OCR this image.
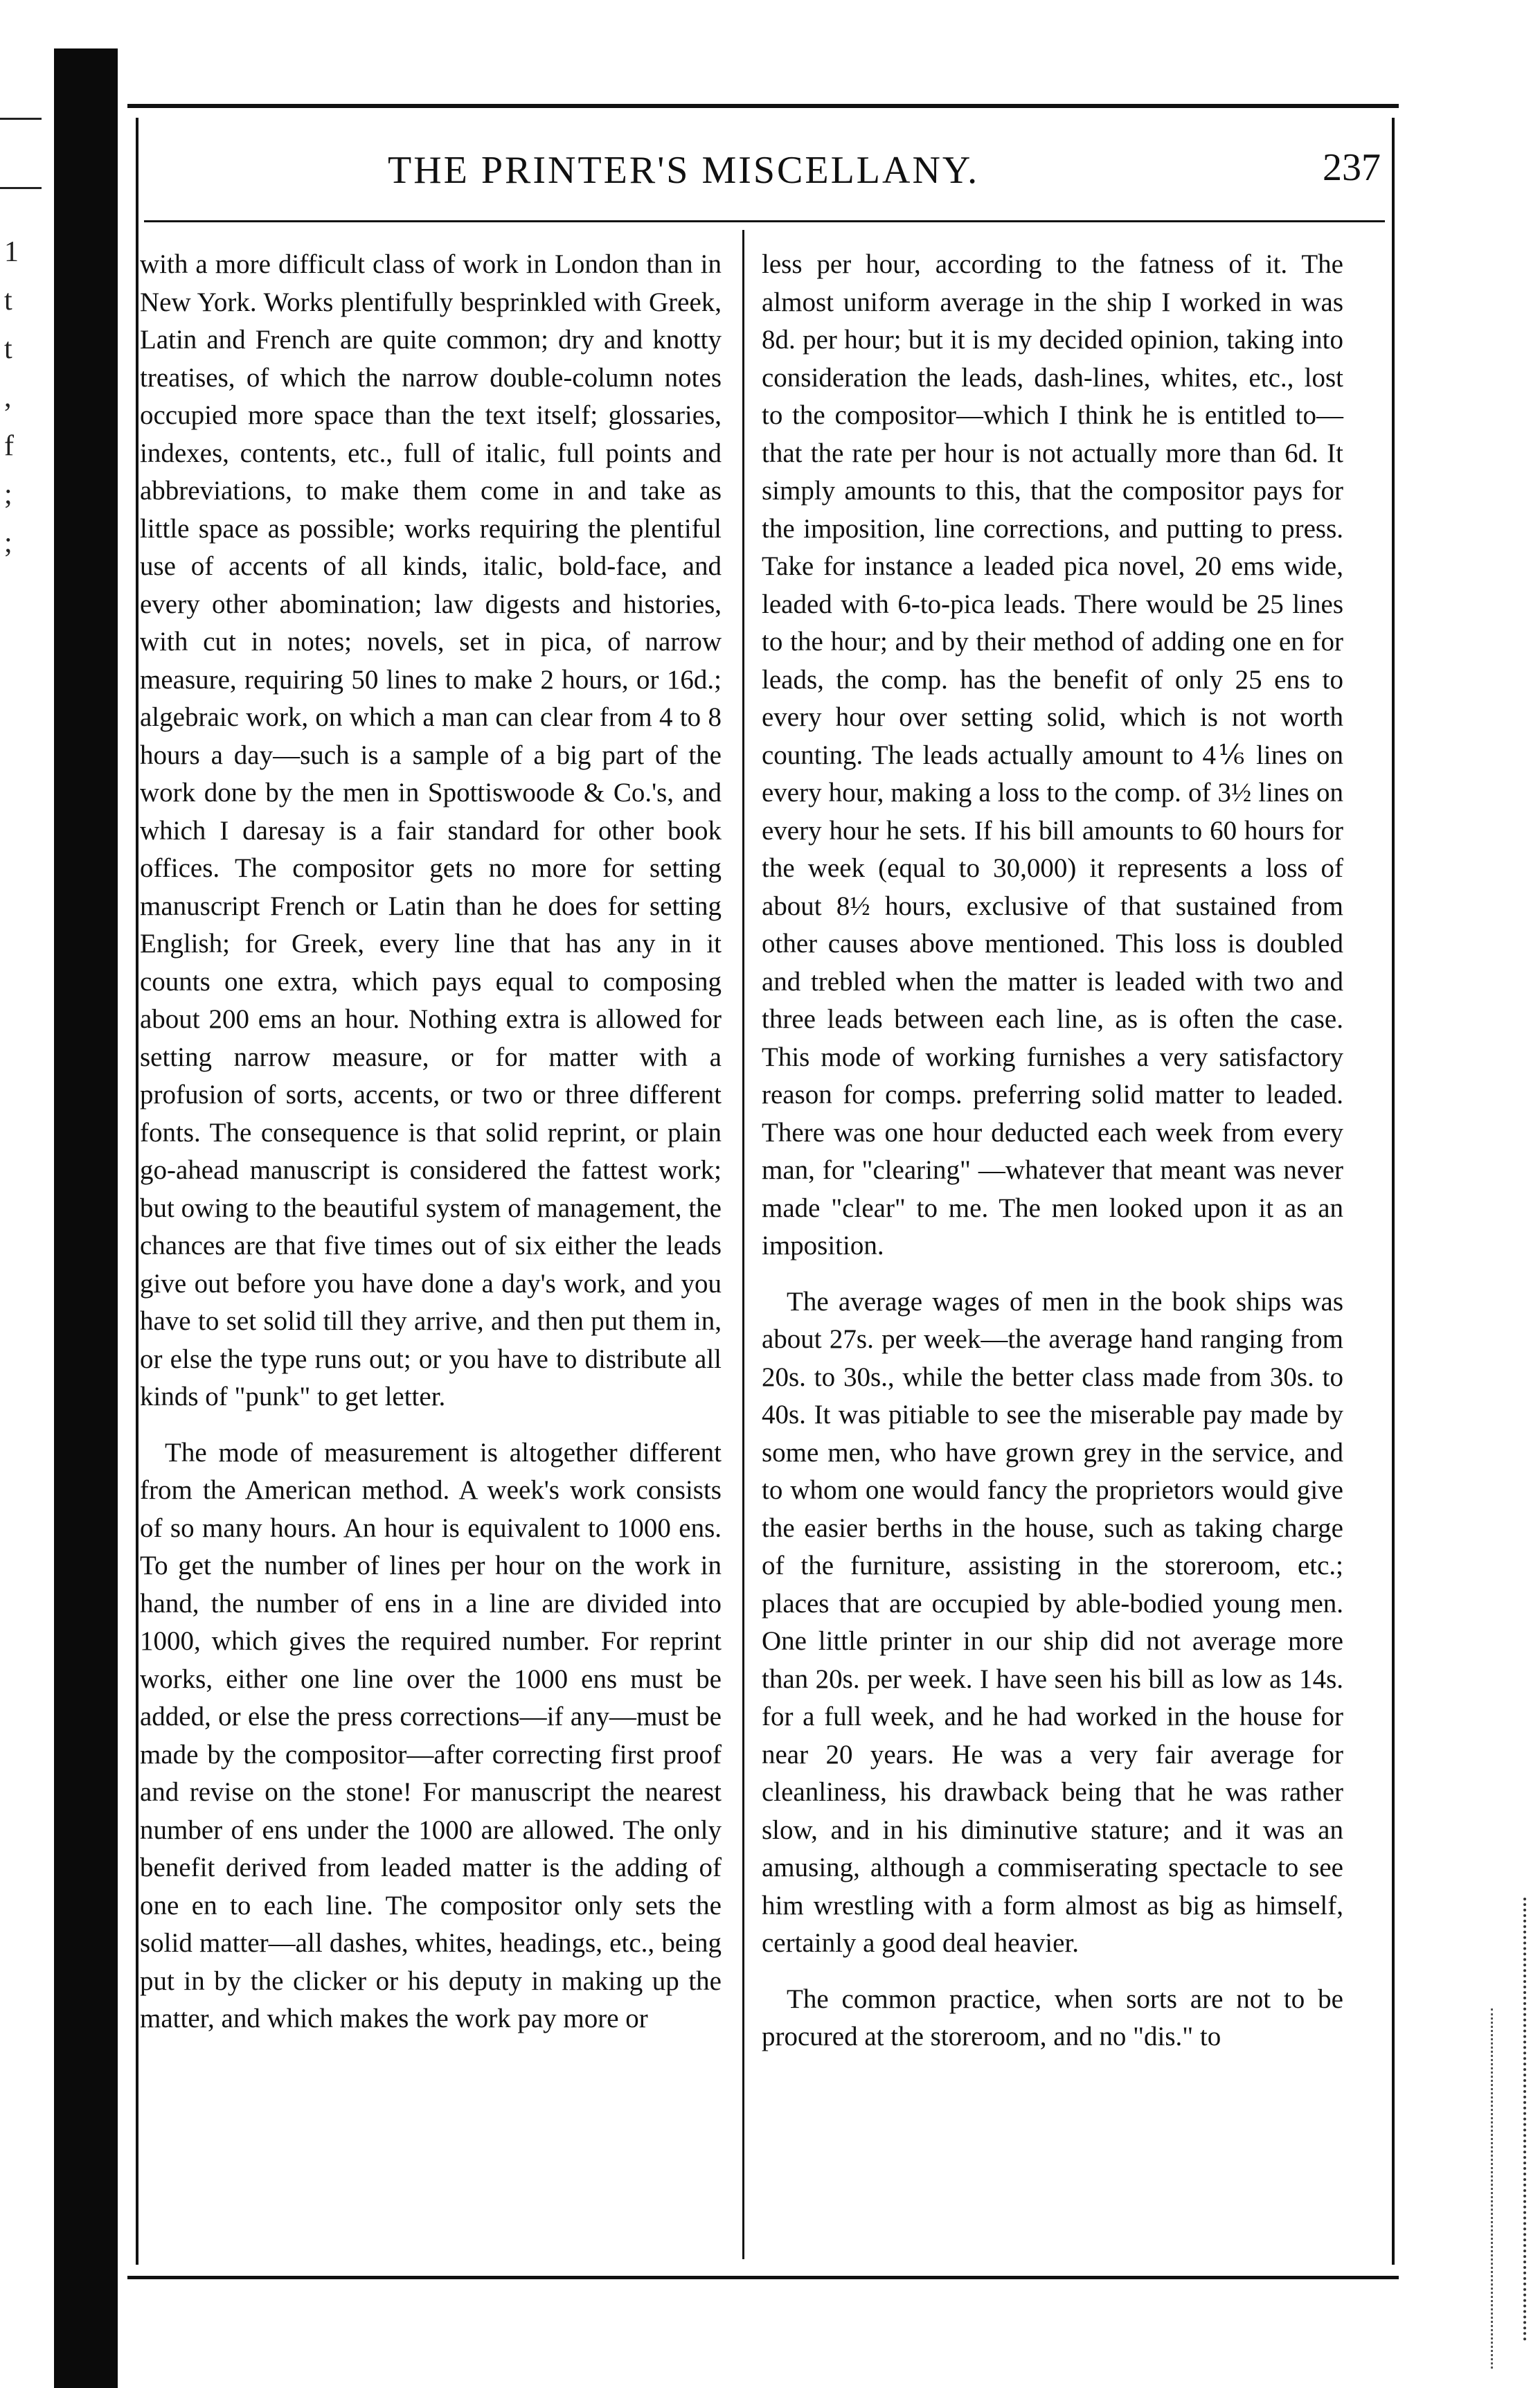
1
t
t
,
f
;
;
THE PRINTER'S MISCELLANY.	237

with a more difficult class of work in London than in New York. Works plentifully besprinkled with Greek, Latin and French are quite common; dry and knotty treatises, of which the narrow double-column notes occupied more space than the text itself; glossaries, indexes, contents, etc., full of italic, full points and abbreviations, to make them come in and take as little space as possible; works requiring the plentiful use of accents of all kinds, italic, bold-face, and every other abomination; law digests and histories, with cut in notes; novels, set in pica, of narrow measure, requiring 50 lines to make 2 hours, or 16d.; algebraic work, on which a man can clear from 4 to 8 hours a day—such is a sample of a big part of the work done by the men in Spottiswoode & Co.'s, and which I daresay is a fair standard for other book offices. The compositor gets no more for setting manuscript French or Latin than he does for setting English; for Greek, every line that has any in it counts one extra, which pays equal to composing about 200 ems an hour. Nothing extra is allowed for setting narrow measure, or for matter with a profusion of sorts, accents, or two or three different fonts. The consequence is that solid reprint, or plain go-ahead manuscript is considered the fattest work; but owing to the beautiful system of management, the chances are that five times out of six either the leads give out before you have done a day's work, and you have to set solid till they arrive, and then put them in, or else the type runs out; or you have to distribute all kinds of "punk" to get letter.

The mode of measurement is altogether different from the American method. A week's work consists of so many hours. An hour is equivalent to 1000 ens. To get the number of lines per hour on the work in hand, the number of ens in a line are divided into 1000, which gives the required number. For reprint works, either one line over the 1000 ens must be added, or else the press corrections—if any—must be made by the compositor—after correcting first proof and revise on the stone! For manuscript the nearest number of ens under the 1000 are allowed. The only benefit derived from leaded matter is the adding of one en to each line. The compositor only sets the solid matter—all dashes, whites, headings, etc., being put in by the clicker or his deputy in making up the matter, and which makes the work pay more or

less per hour, according to the fatness of it. The almost uniform average in the ship I worked in was 8d. per hour; but it is my decided opinion, taking into consideration the leads, dash-lines, whites, etc., lost to the compositor—which I think he is entitled to—that the rate per hour is not actually more than 6d. It simply amounts to this, that the compositor pays for the imposition, line corrections, and putting to press. Take for instance a leaded pica novel, 20 ems wide, leaded with 6-to-pica leads. There would be 25 lines to the hour; and by their method of adding one en for leads, the comp. has the benefit of only 25 ens to every hour over setting solid, which is not worth counting. The leads actually amount to 4⅙ lines on every hour, making a loss to the comp. of 3½ lines on every hour he sets. If his bill amounts to 60 hours for the week (equal to 30,000) it represents a loss of about 8½ hours, exclusive of that sustained from other causes above mentioned. This loss is doubled and trebled when the matter is leaded with two and three leads between each line, as is often the case. This mode of working furnishes a very satisfactory reason for comps. preferring solid matter to leaded. There was one hour deducted each week from every man, for "clearing" —whatever that meant was never made "clear" to me. The men looked upon it as an imposition.

The average wages of men in the book ships was about 27s. per week—the average hand ranging from 20s. to 30s., while the better class made from 30s. to 40s. It was pitiable to see the miserable pay made by some men, who have grown grey in the service, and to whom one would fancy the proprietors would give the easier berths in the house, such as taking charge of the furniture, assisting in the storeroom, etc.; places that are occupied by able-bodied young men. One little printer in our ship did not average more than 20s. per week. I have seen his bill as low as 14s. for a full week, and he had worked in the house for near 20 years. He was a very fair average for cleanliness, his drawback being that he was rather slow, and in his diminutive stature; and it was an amusing, although a commiserating spectacle to see him wrestling with a form almost as big as himself, certainly a good deal heavier.

The common practice, when sorts are not to be procured at the storeroom, and no "dis." to
